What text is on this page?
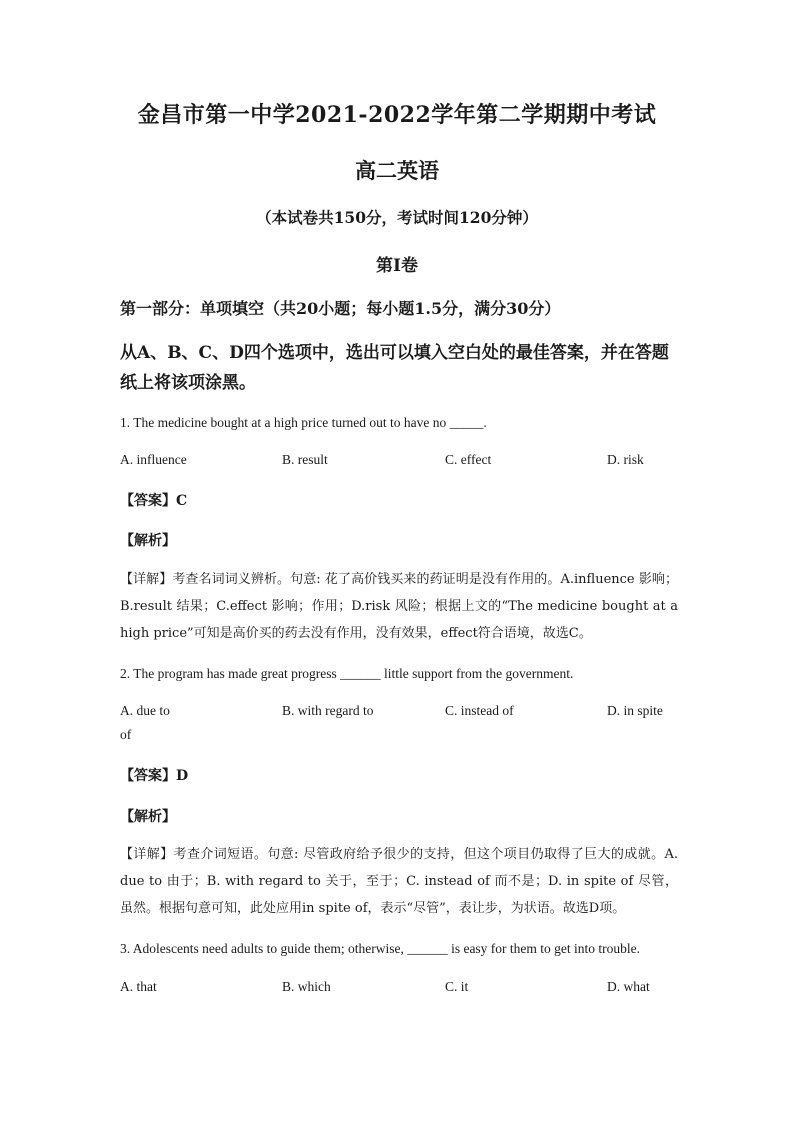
金昌市第一中学2021-2022学年第二学期期中考试
高二英语
（本试卷共150分，考试时间120分钟）
第I卷
第一部分：单项填空（共20小题；每小题1.5分，满分30分）
从A、B、C、D四个选项中，选出可以填入空白处的最佳答案，并在答题纸上将该项涂黑。
1. The medicine bought at a high price turned out to have no _____.
A. influence	B. result	C. effect	D. risk
【答案】C
【解析】
【详解】考查名词词义辨析。句意: 花了高价钱买来的药证明是没有作用的。A.influence 影响；B.result 结果；C.effect 影响；作用；D.risk 风险；根据上文的“The medicine bought at a high price”可知是高价买的药去没有作用，没有效果，effect符合语境，故选C。
2. The program has made great progress ______ little support from the government.
A. due to	B. with regard to	C. instead of	D. in spite
of
【答案】D
【解析】
【详解】考查介词短语。句意: 尽管政府给予很少的支持，但这个项目仍取得了巨大的成就。A. due to 由于；B. with regard to 关于，至于；C. instead of 而不是；D. in spite of 尽管，虽然。根据句意可知，此处应用in spite of，表示“尽管”，表让步，为状语。故选D项。
3. Adolescents need adults to guide them; otherwise, ______ is easy for them to get into trouble.
A. that	B. which	C. it	D. what
